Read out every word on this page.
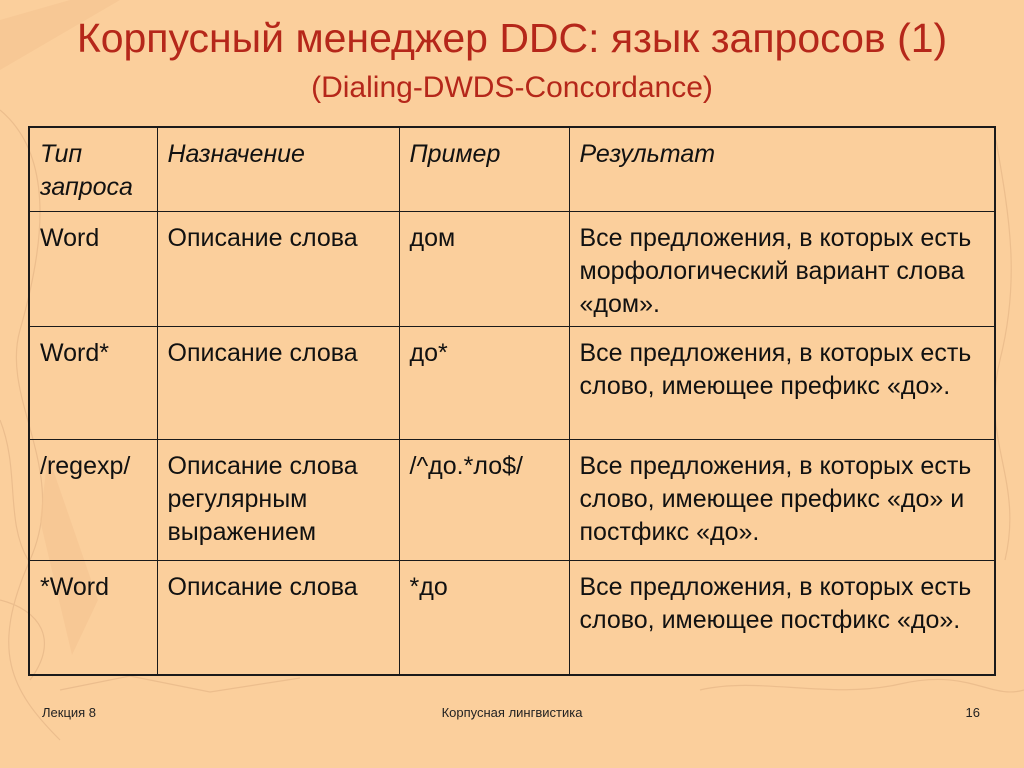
Корпусный менеджер DDC: язык запросов (1)
(Dialing-DWDS-Concordance)
Тип запроса	Назначение	Пример	Результат
Word	Описание слова	дом	Все предложения, в которых есть морфологический вариант слова «дом».
Word*	Описание слова	до*	Все предложения, в которых есть слово, имеющее префикс «до».
/regexp/	Описание слова регулярным выражением	/^до.*ло$/	Все предложения, в которых есть слово, имеющее префикс «до» и постфикс «до».
*Word	Описание слова	*до	Все предложения, в которых есть слово, имеющее постфикс «до».
Лекция 8	Корпусная лингвистика	16
